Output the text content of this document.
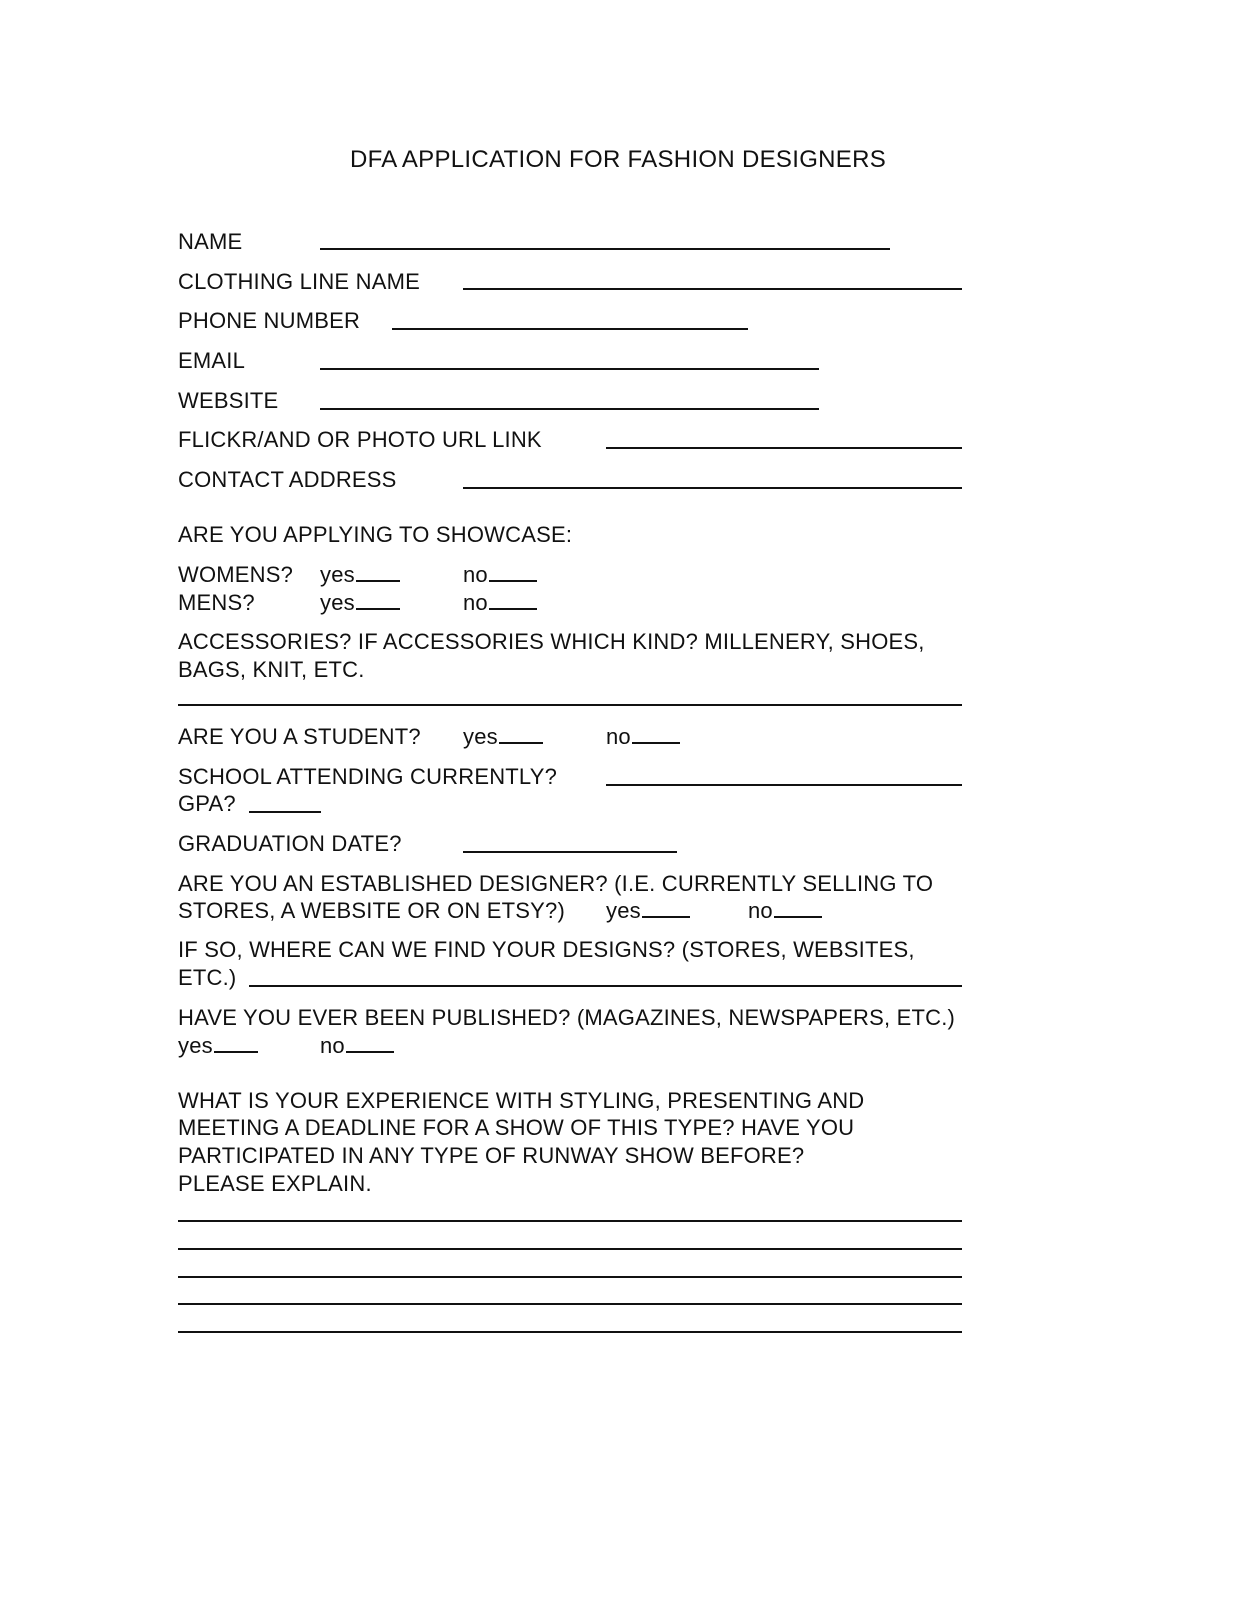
DFA APPLICATION FOR FASHION DESIGNERS
NAME
CLOTHING LINE NAME
PHONE NUMBER
EMAIL
WEBSITE
FLICKR/AND OR PHOTO URL LINK
CONTACT ADDRESS
ARE YOU APPLYING TO SHOWCASE:
WOMENS? yes	no
MENS?	yes	no
ACCESSORIES? IF ACCESSORIES WHICH KIND? MILLENERY, SHOES,
BAGS, KNIT, ETC.
ARE YOU A STUDENT? yes	no
SCHOOL ATTENDING CURRENTLY?
GPA?
GRADUATION DATE?
ARE YOU AN ESTABLISHED DESIGNER? (I.E. CURRENTLY SELLING TO
STORES, A WEBSITE OR ON ETSY?) yes	no
IF SO, WHERE CAN WE FIND YOUR DESIGNS? (STORES, WEBSITES,
ETC.)
HAVE YOU EVER BEEN PUBLISHED? (MAGAZINES, NEWSPAPERS, ETC.)
yes	no
WHAT IS YOUR EXPERIENCE WITH STYLING, PRESENTING AND
MEETING A DEADLINE FOR A SHOW OF THIS TYPE? HAVE YOU
PARTICIPATED IN ANY TYPE OF RUNWAY SHOW BEFORE?
PLEASE EXPLAIN.
